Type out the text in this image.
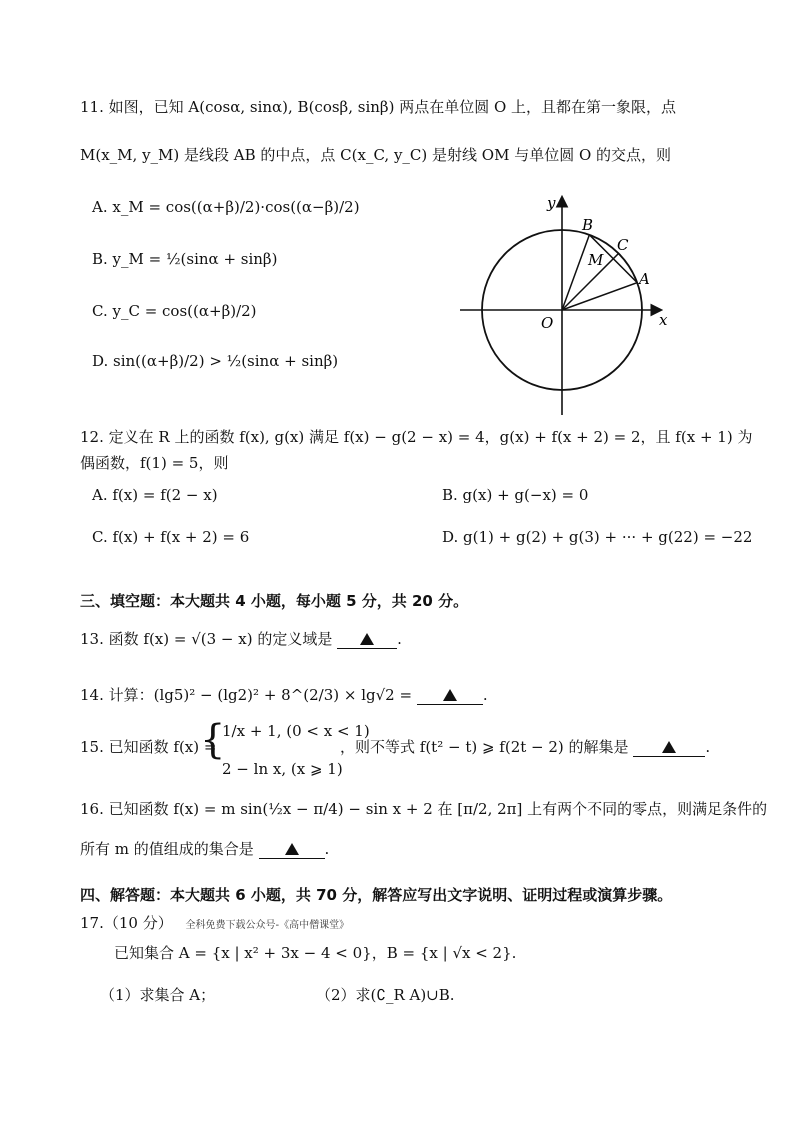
11. 如图，已知 A(cosα, sinα), B(cosβ, sinβ) 两点在单位圆 O 上，且都在第一象限，点
M(x_M, y_M) 是线段 AB 的中点，点 C(x_C, y_C) 是射线 OM 与单位圆 O 的交点，则
A. x_M = cos((α+β)/2)·cos((α−β)/2)
B. y_M = ½(sinα + sinβ)
C. y_C = cos((α+β)/2)
D. sin((α+β)/2) > ½(sinα + sinβ)
y
x
O
A
B
C
M
12. 定义在 R 上的函数 f(x), g(x) 满足 f(x) − g(2 − x) = 4，g(x) + f(x + 2) = 2，且 f(x + 1) 为
偶函数，f(1) = 5，则
A. f(x) = f(2 − x)	B. g(x) + g(−x) = 0
C. f(x) + f(x + 2) = 6	D. g(1) + g(2) + g(3) + ··· + g(22) = −22
三、填空题：本大题共 4 小题，每小题 5 分，共 20 分。
13. 函数 f(x) = √(3 − x) 的定义域是	.
14. 计算：(lg5)² − (lg2)² + 8^(2/3) × lg√2 =	.
15. 已知函数 f(x) =
{
1/x + 1, (0 < x < 1)
2 − ln x, (x ⩾ 1)
，则不等式 f(t² − t) ⩾ f(2t − 2) 的解集是	.
16. 已知函数 f(x) = m sin(½x − π/4) − sin x + 2 在 [π/2, 2π] 上有两个不同的零点，则满足条件的
所有 m 的值组成的集合是	.
四、解答题：本大题共 6 小题，共 70 分，解答应写出文字说明、证明过程或演算步骤。
17.（10 分） 全科免费下载公众号-《高中僧课堂》
已知集合 A = {x | x² + 3x − 4 < 0}，B = {x | √x < 2}.
（1）求集合 A；	（2）求(∁_R A)∪B.
